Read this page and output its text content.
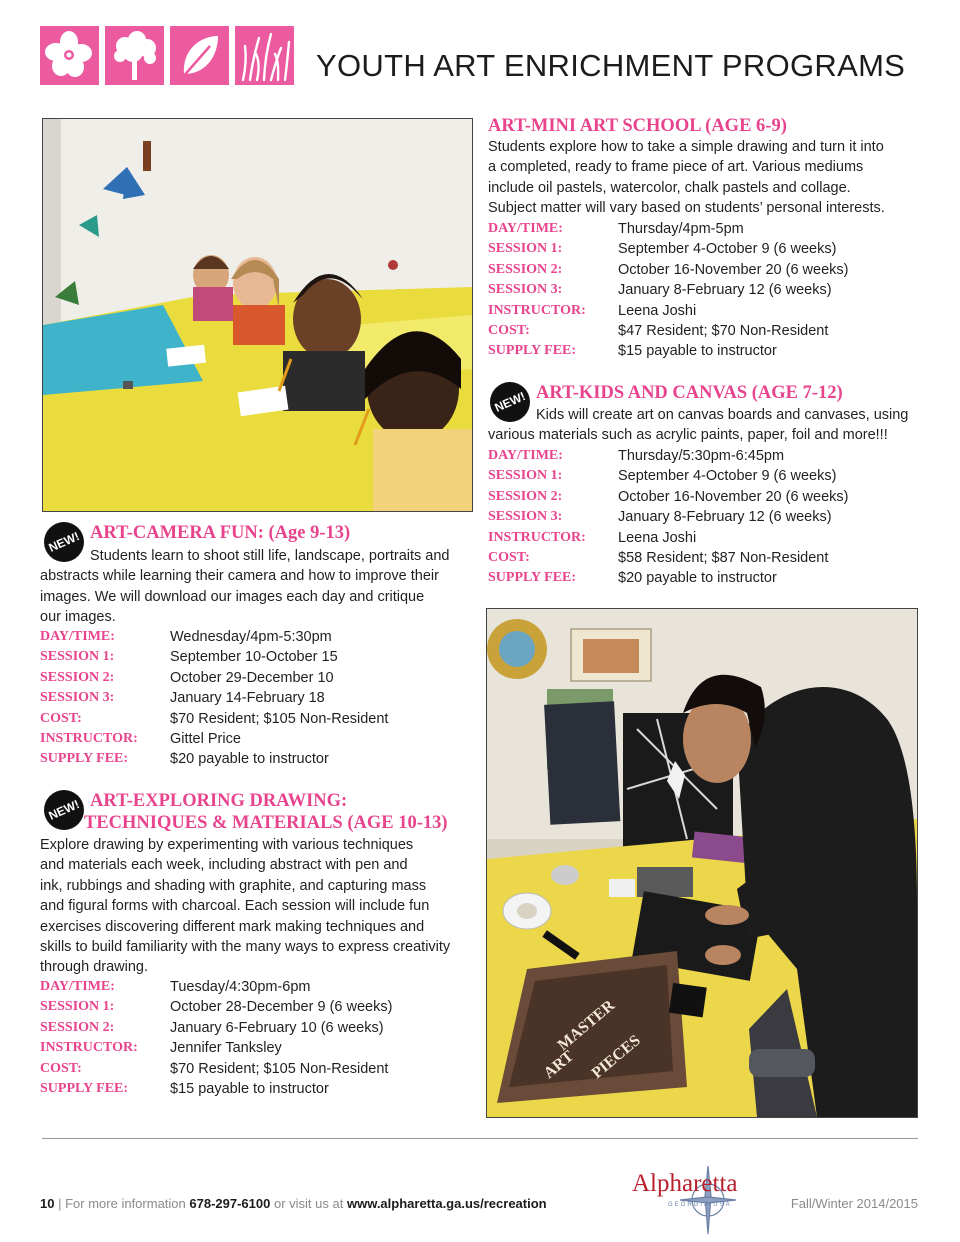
YOUTH ART ENRICHMENT PROGRAMS
NEW! ART-CAMERA FUN: (Age 9-13)
Students learn to shoot still life, landscape, portraits and
abstracts while learning their camera and how to improve their
images. We will download our images each day and critique
our images.
DAY/TIME:	Wednesday/4pm-5:30pm
SESSION 1:	September 10-October 15
SESSION 2:	October 29-December 10
SESSION 3:	January 14-February 18
COST:	$70 Resident; $105 Non-Resident
INSTRUCTOR: Gittel Price
SUPPLY FEE:	$20 payable to instructor
NEW! ART-EXPLORING DRAWING:
TECHNIQUES & MATERIALS (AGE 10-13)
Explore drawing by experimenting with various techniques
and materials each week, including abstract with pen and
ink, rubbings and shading with graphite, and capturing mass
and figural forms with charcoal. Each session will include fun
exercises discovering different mark making techniques and
skills to build familiarity with the many ways to express creativity
through drawing.
DAY/TIME:	Tuesday/4:30pm-6pm
SESSION 1:	October 28-December 9 (6 weeks)
SESSION 2:	January 6-February 10 (6 weeks)
INSTRUCTOR: Jennifer Tanksley
COST:	$70 Resident; $105 Non-Resident
SUPPLY FEE:	$15 payable to instructor
ART-MINI ART SCHOOL (AGE 6-9)
Students explore how to take a simple drawing and turn it into
a completed, ready to frame piece of art. Various mediums
include oil pastels, watercolor, chalk pastels and collage.
Subject matter will vary based on students’ personal interests.
DAY/TIME:	Thursday/4pm-5pm
SESSION 1:	September 4-October 9 (6 weeks)
SESSION 2:	October 16-November 20 (6 weeks)
SESSION 3:	January 8-February 12 (6 weeks)
INSTRUCTOR: Leena Joshi
COST:	$47 Resident; $70 Non-Resident
SUPPLY FEE:	$15 payable to instructor
NEW! ART-KIDS AND CANVAS (AGE 7-12)
Kids will create art on canvas boards and canvases, using
various materials such as acrylic paints, paper, foil and more!!!
DAY/TIME:	Thursday/5:30pm-6:45pm
SESSION 1:	September 4-October 9 (6 weeks)
SESSION 2:	October 16-November 20 (6 weeks)
SESSION 3:	January 8-February 12 (6 weeks)
INSTRUCTOR: Leena Joshi
COST:	$58 Resident; $87 Non-Resident
SUPPLY FEE:	$20 payable to instructor
MASTER
ART PIECES
10 | For more information 678-297-6100 or visit us at www.alpharetta.ga.us/recreation
Alpharetta
GEORGIA USA	Fall/Winter 2014/2015
